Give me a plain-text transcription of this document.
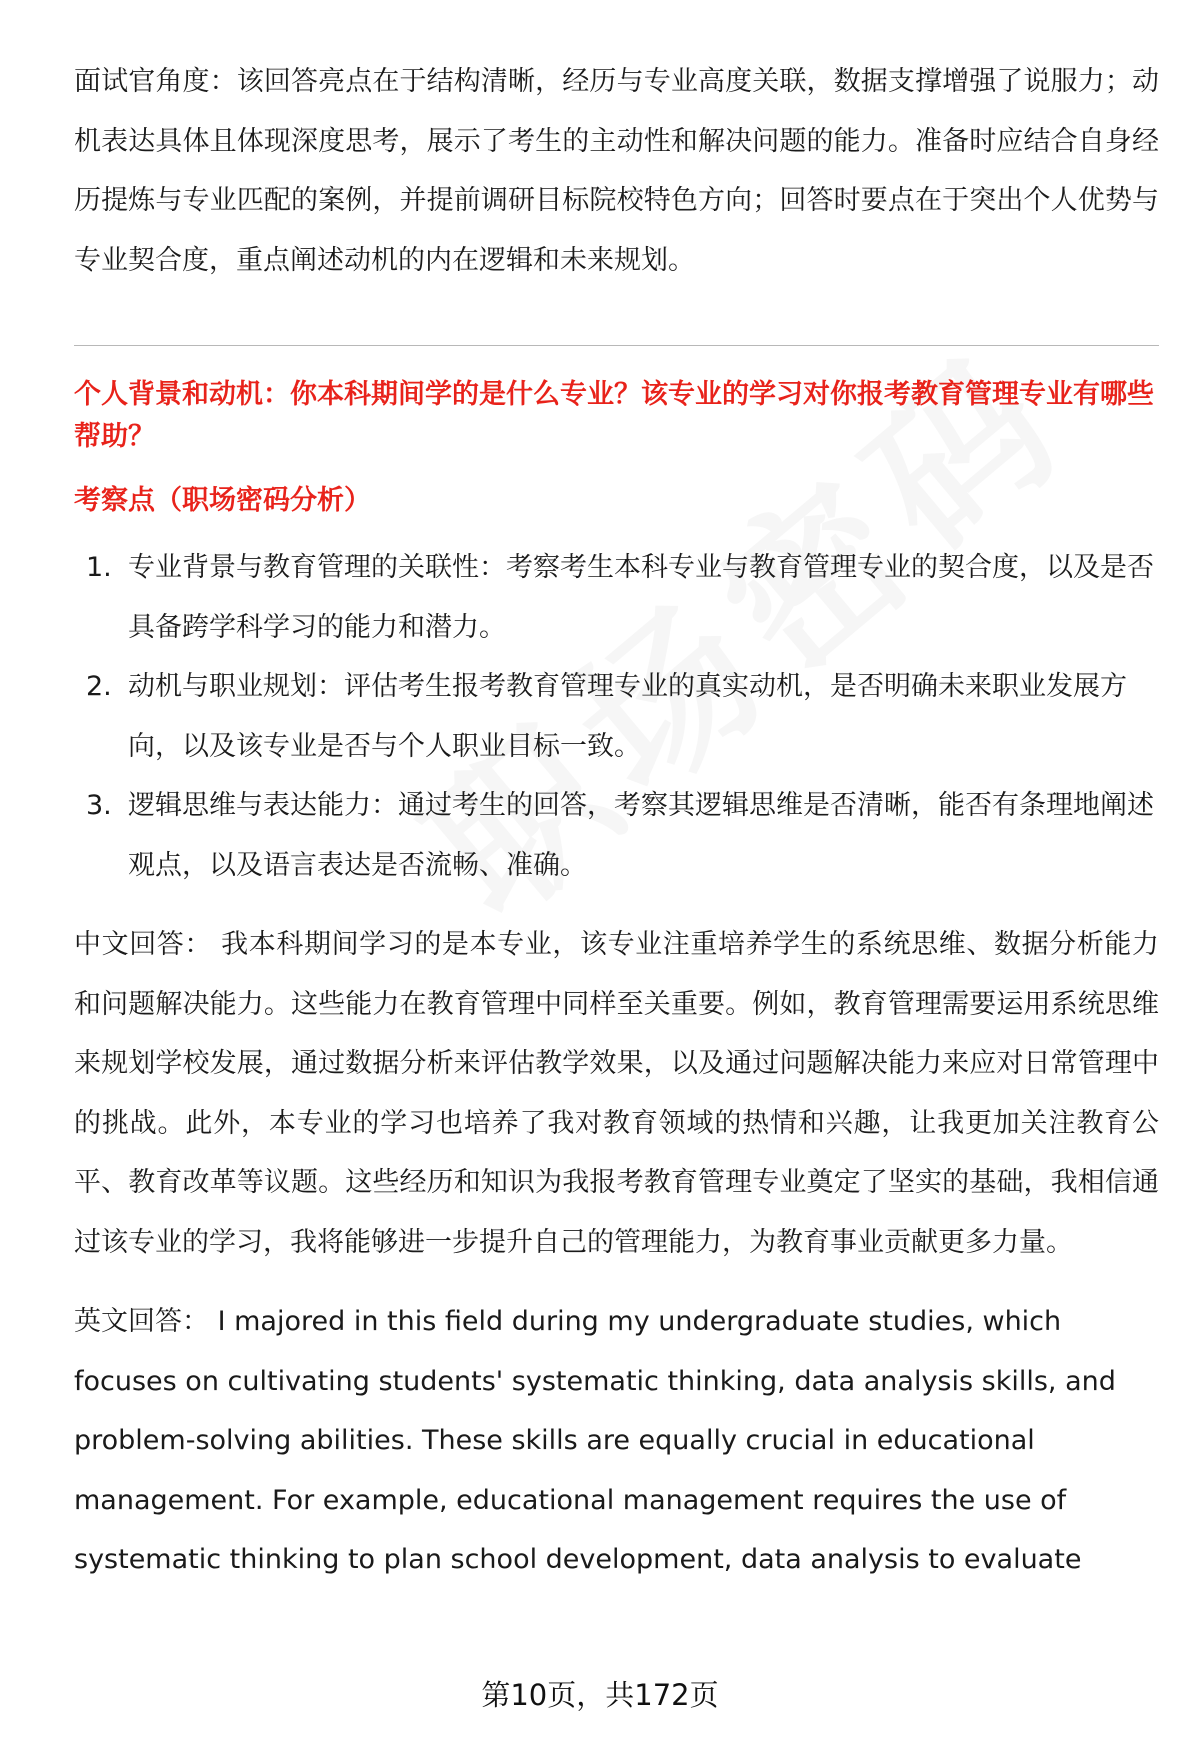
面试官角度：该回答亮点在于结构清晰，经历与专业高度关联，数据支撑增强了说服力；动机表达具体且体现深度思考，展示了考生的主动性和解决问题的能力。准备时应结合自身经历提炼与专业匹配的案例，并提前调研目标院校特色方向；回答时要点在于突出个人优势与专业契合度，重点阐述动机的内在逻辑和未来规划。

个人背景和动机：你本科期间学的是什么专业？该专业的学习对你报考教育管理专业有哪些帮助？

考察点（职场密码分析）

1. 专业背景与教育管理的关联性：考察考生本科专业与教育管理专业的契合度，以及是否具备跨学科学习的能力和潜力。
2. 动机与职业规划：评估考生报考教育管理专业的真实动机，是否明确未来职业发展方向，以及该专业是否与个人职业目标一致。
3. 逻辑思维与表达能力：通过考生的回答，考察其逻辑思维是否清晰，能否有条理地阐述观点，以及语言表达是否流畅、准确。

中文回答： 我本科期间学习的是本专业，该专业注重培养学生的系统思维、数据分析能力和问题解决能力。这些能力在教育管理中同样至关重要。例如，教育管理需要运用系统思维来规划学校发展，通过数据分析来评估教学效果，以及通过问题解决能力来应对日常管理中的挑战。此外，本专业的学习也培养了我对教育领域的热情和兴趣，让我更加关注教育公平、教育改革等议题。这些经历和知识为我报考教育管理专业奠定了坚实的基础，我相信通过该专业的学习，我将能够进一步提升自己的管理能力，为教育事业贡献更多力量。

英文回答： I majored in this field during my undergraduate studies, which focuses on cultivating students' systematic thinking, data analysis skills, and problem-solving abilities. These skills are equally crucial in educational management. For example, educational management requires the use of systematic thinking to plan school development, data analysis to evaluate

第10页，共172页
